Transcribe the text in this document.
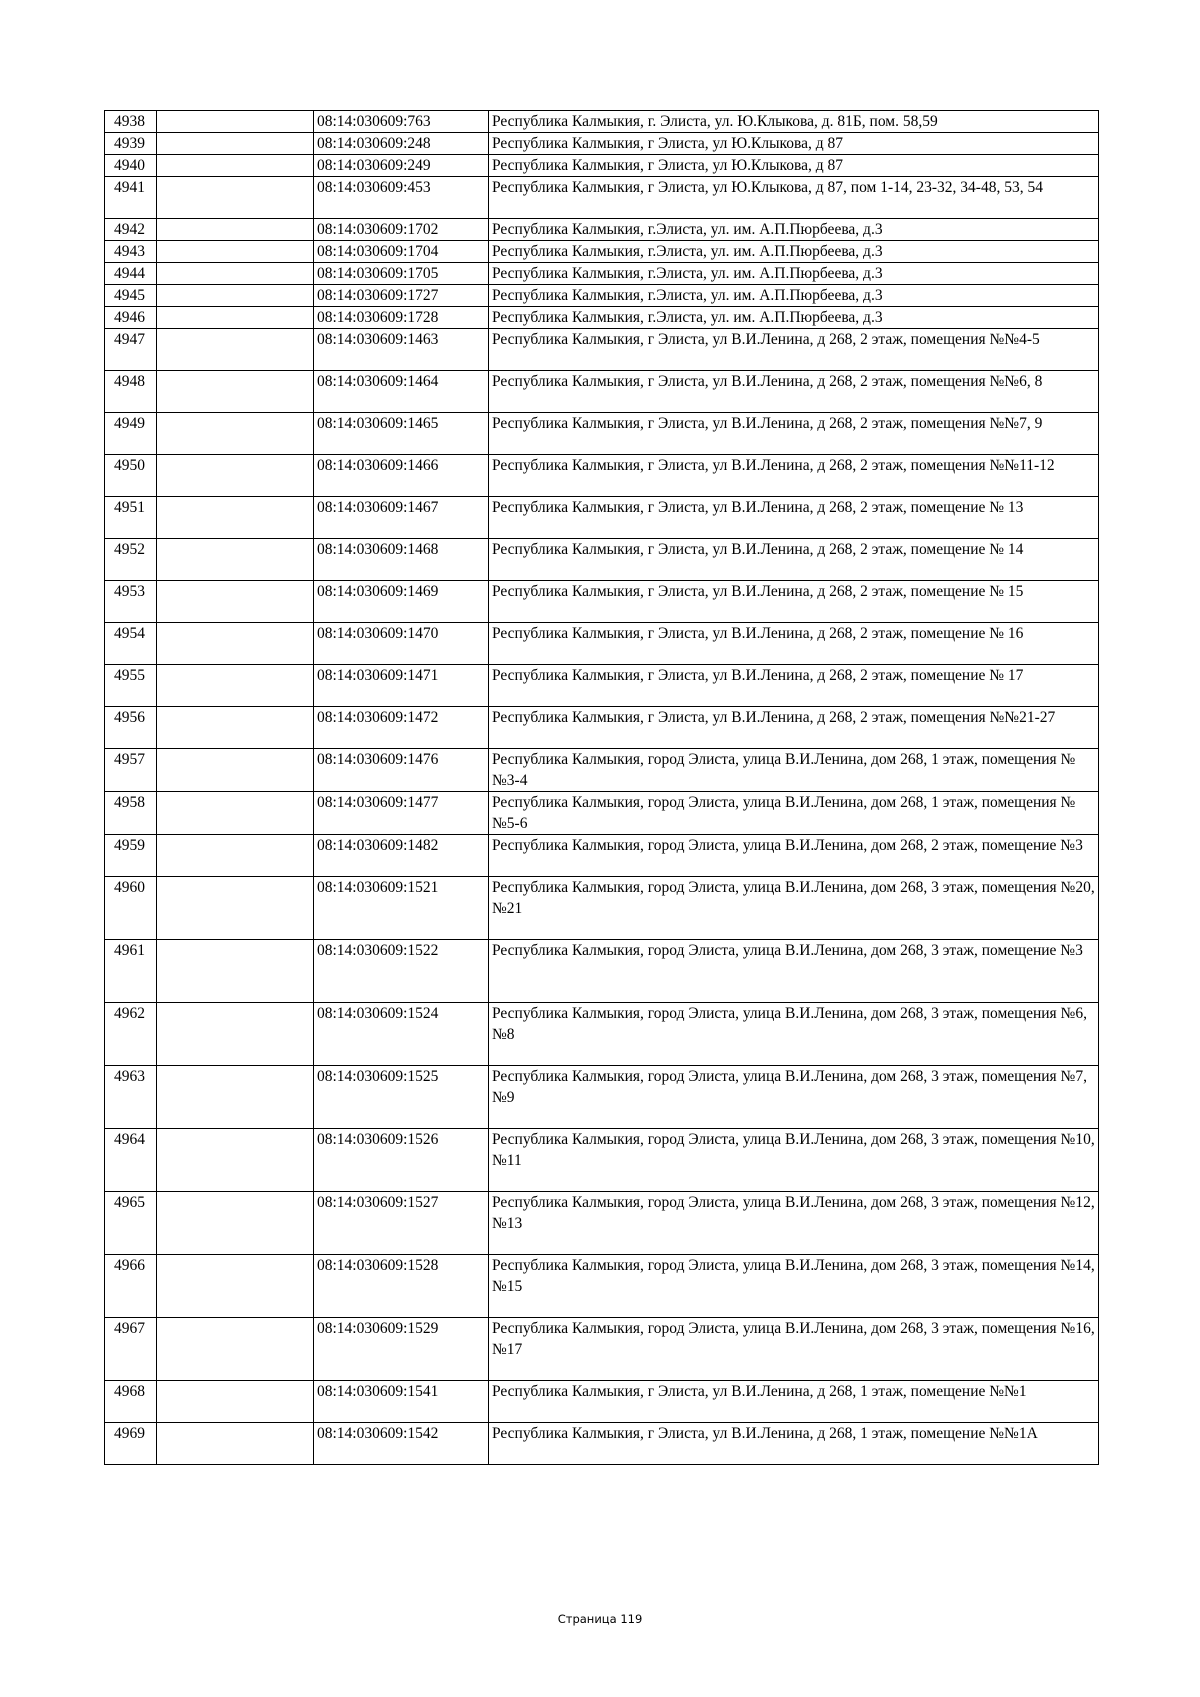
4938		08:14:030609:763	Республика Калмыкия, г. Элиста, ул. Ю.Клыкова, д. 81Б, пом. 58,59
4939		08:14:030609:248	Республика Калмыкия, г Элиста, ул Ю.Клыкова, д 87
4940		08:14:030609:249	Республика Калмыкия, г Элиста, ул Ю.Клыкова, д 87
4941		08:14:030609:453	Республика Калмыкия, г Элиста, ул Ю.Клыкова, д 87, пом 1-14, 23-32, 34-48, 53, 54
4942		08:14:030609:1702	Республика Калмыкия, г.Элиста, ул. им. А.П.Пюрбеева, д.3
4943		08:14:030609:1704	Республика Калмыкия, г.Элиста, ул. им. А.П.Пюрбеева, д.3
4944		08:14:030609:1705	Республика Калмыкия, г.Элиста, ул. им. А.П.Пюрбеева, д.3
4945		08:14:030609:1727	Республика Калмыкия, г.Элиста, ул. им. А.П.Пюрбеева, д.3
4946		08:14:030609:1728	Республика Калмыкия, г.Элиста, ул. им. А.П.Пюрбеева, д.3
4947		08:14:030609:1463	Республика Калмыкия, г Элиста, ул В.И.Ленина, д 268, 2 этаж, помещения №№4-5
4948		08:14:030609:1464	Республика Калмыкия, г Элиста, ул В.И.Ленина, д 268, 2 этаж, помещения №№6, 8
4949		08:14:030609:1465	Республика Калмыкия, г Элиста, ул В.И.Ленина, д 268, 2 этаж, помещения №№7, 9
4950		08:14:030609:1466	Республика Калмыкия, г Элиста, ул В.И.Ленина, д 268, 2 этаж, помещения №№11-12
4951		08:14:030609:1467	Республика Калмыкия, г Элиста, ул В.И.Ленина, д 268, 2 этаж, помещение № 13
4952		08:14:030609:1468	Республика Калмыкия, г Элиста, ул В.И.Ленина, д 268, 2 этаж, помещение № 14
4953		08:14:030609:1469	Республика Калмыкия, г Элиста, ул В.И.Ленина, д 268, 2 этаж, помещение № 15
4954		08:14:030609:1470	Республика Калмыкия, г Элиста, ул В.И.Ленина, д 268, 2 этаж, помещение № 16
4955		08:14:030609:1471	Республика Калмыкия, г Элиста, ул В.И.Ленина, д 268, 2 этаж, помещение № 17
4956		08:14:030609:1472	Республика Калмыкия, г Элиста, ул В.И.Ленина, д 268, 2 этаж, помещения №№21-27
4957		08:14:030609:1476	Республика Калмыкия, город Элиста, улица В.И.Ленина, дом 268, 1 этаж, помещения №№3-4
4958		08:14:030609:1477	Республика Калмыкия, город Элиста, улица В.И.Ленина, дом 268, 1 этаж, помещения №№5-6
4959		08:14:030609:1482	Республика Калмыкия, город Элиста, улица В.И.Ленина, дом 268, 2 этаж, помещение №3
4960		08:14:030609:1521	Республика Калмыкия, город Элиста, улица В.И.Ленина, дом 268, 3 этаж, помещения №20, №21
4961		08:14:030609:1522	Республика Калмыкия, город Элиста, улица В.И.Ленина, дом 268, 3 этаж, помещение №3
4962		08:14:030609:1524	Республика Калмыкия, город Элиста, улица В.И.Ленина, дом 268, 3 этаж, помещения №6, №8
4963		08:14:030609:1525	Республика Калмыкия, город Элиста, улица В.И.Ленина, дом 268, 3 этаж, помещения №7, №9
4964		08:14:030609:1526	Республика Калмыкия, город Элиста, улица В.И.Ленина, дом 268, 3 этаж, помещения №10, №11
4965		08:14:030609:1527	Республика Калмыкия, город Элиста, улица В.И.Ленина, дом 268, 3 этаж, помещения №12, №13
4966		08:14:030609:1528	Республика Калмыкия, город Элиста, улица В.И.Ленина, дом 268, 3 этаж, помещения №14, №15
4967		08:14:030609:1529	Республика Калмыкия, город Элиста, улица В.И.Ленина, дом 268, 3 этаж, помещения №16, №17
4968		08:14:030609:1541	Республика Калмыкия, г Элиста, ул В.И.Ленина, д 268, 1 этаж, помещение №№1
4969		08:14:030609:1542	Республика Калмыкия, г Элиста, ул В.И.Ленина, д 268, 1 этаж, помещение №№1А
Страница 119
